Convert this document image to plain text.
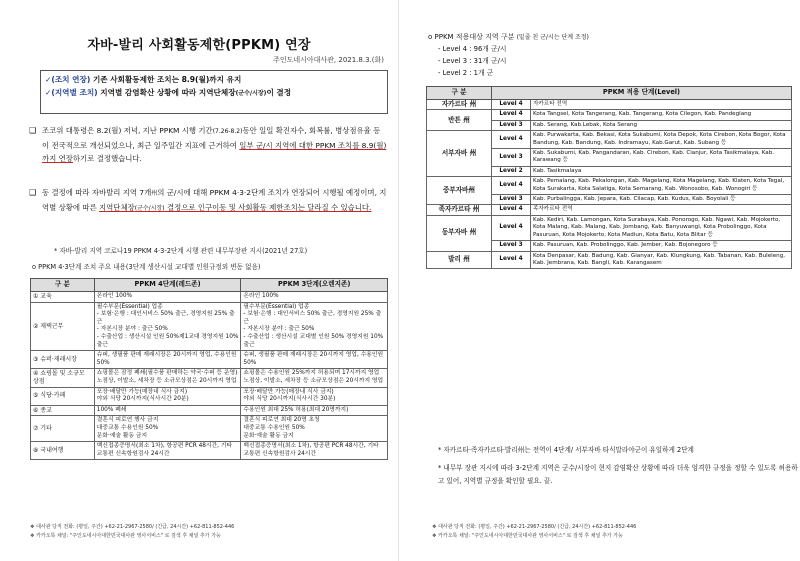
자바-발리 사회활동제한(PPKM) 연장
주인도네시아대사관, 2021.8.3.(화)
✓(조치 연장) 기존 사회활동제한 조치는 8.9(월)까지 유지
✓(지역별 조치) 지역별 감염확산 상황에 따라 지역단체장(군수/시장)이 결정
❑ 조코위 대통령은 8.2(월) 저녁, 지난 PPKM 시행 기간(7.26-8.2)동안 일일 확진자수, 회복률, 병상점유율 등이 전국적으로 개선되었으나, 최근 일주일간 지표에 근거하여 일부 군/시 지역에 대한 PPKM 조치를 8.9(월)까지 연장하기로 결정했습니다.
❑ 동 결정에 따라 자바발리 지역 7개州의 군/시에 대해 PPKM 4·3·2단계 조치가 연장되어 시행될 예정이며, 지역별 상황에 따른 지역단체장(군수/시장) 결정으로 인구이동 및 사회활동 제한조치는 달라질 수 있습니다.
* 자바-발리 지역 코로나19 PPKM 4·3-2단계 시행 관련 내무부장관 지시(2021년 27호)
o PPKM 4·3단계 조치 주요 내용(3단계 생산시설 교대별 인원규정외 변동 없음)
구 분	PPKM 4단계(레드존)	PPKM 3단계(오렌지존)
① 교육	온라인 100%	온라인 100%
② 재택근무	필수부문(Essential) 업종
- 보험·은행 : 대인서비스 50% 출근, 경영지원 25% 출근
- 자본시장 분야 : 출근 50%
- 수출산업 : 생산시설 인원 50%제1교대 경영지원 10% 출근	필수부문(Essential) 업종
- 보험·은행 : 대인서비스 50% 출근, 경영지원 25% 출근
- 자본시장 분야 : 출근 50%
- 수출산업 : 생산시설 교대별 인원 50% 경영지원 10% 출근
③ 슈퍼·재래시장	슈퍼, 생필품 판매 재래시장은 20시까지 영업, 수용인원 50%	슈퍼, 생필품 판매 재래시장은 20시까지 영업, 수용인원 50%
④ 쇼핑몰 및 소규모 상점	쇼핑몰은 잠정 폐쇄(필수품 판매하는 약국·수퍼 등 운영)
노점상, 이발소, 세차장 등 소규모상점은 20시까지 영업	쇼핑몰은 수용인원 25%까지 허용되며 17시까지 영업
노점상, 이발소, 세차장 등 소규모상점은 20시까지 영업
⑤ 식당·카페	포장·배달만 가능(매장내 식사 금지)
야외 식당 20시까지(식사시간 20분)	포장·배달만 가능(매장내 식사 금지)
야외 식당 20시까지(식사시간 30분)
⑥ 종교	100% 폐쇄	수용인원 최대 25% 허용(최대 20명까지)
⑦ 기타	결혼식 피로연 행사 금지
대중교통 수용인원 50%
문화·예술 활동 금지	결혼식 피로연 최대 20명 초청
대중교통 수용인원 50%
문화·예술 활동 금지
⑧ 국내여행	백신접종증명서(최소 1차), 항공편 PCR 48시간, 기타 교통편 신속항원검사 24시간	백신접종증명서(최소 1차), 항공편 PCR 48시간, 기타 교통편 신속항원검사 24시간
❖ 대사관 당직 전화: (평일, 주간) +62-21-2967-2580/ (긴급, 24시간) +62-811-852-446
❖ 카카오톡 채널: "주인도네시아대한민국대사관 영사서비스" 로 검색 후 채널 추가 가능
o PPKM 적용대상 지역 구분 (밑줄 친 군/시는 단계 조정)
- Level 4 : 96개 군/시
- Level 3 : 31개 군/시
- Level 2 : 1개 군
구 분	PPKM 적용 단계(Level)	
자카르타 州	Level 4	자카르타 전역
반튼 州	Level 4	Kota Tangsel, Kota Tangerang, Kab. Tangerang, Kota Cilegon, Kab. Pandeglang
	Level 3	Kab. Serang, Kab.Lebak, Kota Serang
서부자바 州	Level 4	Kab. Purwakarta, Kab. Bekasi, Kota Sukabumi, Kota Depok, Kota Cirebon, Kota Bogor, Kota Bandung, Kab. Bandung, Kab. Indramayu, Kab.Garut, Kab. Subang 등
	Level 3	Kab. Sukabumi, Kab. Pangandaran, Kab. Cirebon, Kab. Cianjur, Kota Tasikmalaya, Kab. Karawang 등
	Level 2	Kab. Tasikmalaya
중부자바州	Level 4	Kab. Pemalang, Kab. Pekalongan, Kab. Magelang, Kota Magelang, Kab. Klaten, Kota Tegal, Kota Surakarta, Kota Salatiga, Kota Semarang, Kab. Wonosobo, Kab. Wonogiri 등
	Level 3	Kab. Purbalingga, Kab. Jepara, Kab. Cilacap, Kab. Kudus, Kab. Boyolali 등
족자카르타 州	Level 4	족자카르타 전역
동부자바 州	Level 4	Kab. Kediri, Kab. Lamongan, Kota Surabaya, Kab. Ponorogo, Kab. Ngawi, Kab. Mojokerto, Kota Malang, Kab. Malang, Kab. Jombang, Kab. Banyuwangi, Kota Probolinggo, Kota Pasuruan, Kota Mojokerto, Kota Madiun, Kota Batu, Kota Blitar 등
	Level 3	Kab. Pasuruan, Kab. Probolinggo, Kab. Jember, Kab. Bojonegoro 등
발리 州	Level 4	Kota Denpasar, Kab. Badung, Kab. Gianyar, Kab. Klungkung, Kab. Tabanan, Kab. Buleleng, Kab. Jembrana, Kab. Bangli, Kab. Karangasem
* 자카르타·족자카르타·발리州는 전역이 4단계/ 서부자바 타식말라야군이 유일하게 2단계
* 내무부 장관 지시에 따라 3-2단계 지역은 군수/시장이 현지 감염확산 상황에 따라 더욱 엄격한 규정을 정할 수 있도록 허용하고 있어, 지역별 규정을 확인할 필요. 끝.
❖ 대사관 당직 전화: (평일, 주간) +62-21-2967-2580/ (긴급, 24시간) +62-811-852-446
❖ 카카오톡 채널: "주인도네시아대한민국대사관 영사서비스" 로 검색 후 채널 추가 가능
